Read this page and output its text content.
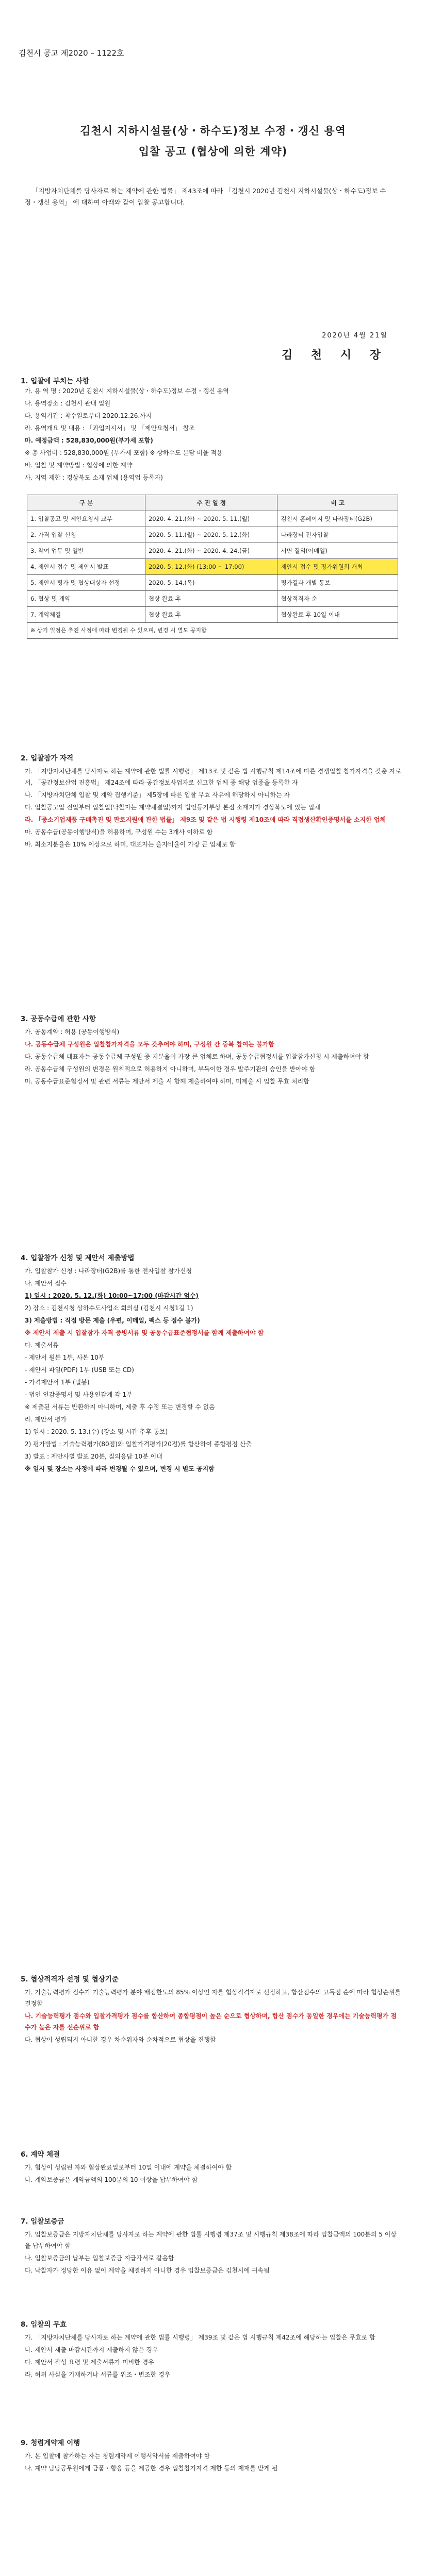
김천시 공고 제2020 – 1122호
김천시 지하시설물(상・하수도)정보 수정・갱신 용역
입찰 공고 (협상에 의한 계약)
「지방자치단체를 당사자로 하는 계약에 관한 법률」 제43조에 따라 「김천시 2020년 김천시 지하시설물(상・하수도)정보 수정・갱신 용역」 에 대하여 아래와 같이 입찰 공고합니다.
2020년 4월 21일
김 천 시 장
1. 입찰에 부치는 사항

가. 용 역 명 : 2020년 김천시 지하시설물(상・하수도)정보 수정・갱신 용역

나. 용역장소 : 김천시 관내 일원

다. 용역기간 : 착수일로부터 2020.12.26.까지

라. 용역개요 및 내용 : 「과업지시서」 및 「제안요청서」 참조

마. 예정금액 : 528,830,000원(부가세 포함)

※ 총 사업비 : 528,830,000원 (부가세 포함) ※ 상하수도 분담 비율 적용

바. 입찰 및 계약방법 : 협상에 의한 계약

사. 지역 제한 : 경상북도 소재 업체 (용역업 등록자)

구 분	추 진 일 정	비 고
1. 입찰공고 및 제안요청서 교부	2020. 4. 21.(화) ~ 2020. 5. 11.(월)	김천시 홈페이지 및 나라장터(G2B)
2. 가격 입찰 신청	2020. 5. 11.(월) ~ 2020. 5. 12.(화)	나라장터 전자입찰
3. 참여 업무 및 일반	2020. 4. 21.(화) ~ 2020. 4. 24.(금)	서면 질의(이메일)
4. 제안서 접수 및 제안서 발표	2020. 5. 12.(화) (13:00 ~ 17:00)	제안서 접수 및 평가위원회 개최
5. 제안서 평가 및 협상대상자 선정	2020. 5. 14.(목)	평가결과 개별 통보
6. 협상 및 계약	협상 완료 후	협상적격자 순
7. 계약체결	협상 완료 후	협상완료 후 10일 이내
※ 상기 일정은 추진 사정에 따라 변경될 수 있으며, 변경 시 별도 공지함		
2. 입찰참가 자격

가. 「지방자치단체를 당사자로 하는 계약에 관한 법률 시행령」 제13조 및 같은 법 시행규칙 제14조에 따른 경쟁입찰 참가자격을 갖춘 자로서, 「공간정보산업 진흥법」 제24조에 따라 공간정보사업자로 신고한 업체 중 해당 업종을 등록한 자

나. 「지방자치단체 입찰 및 계약 집행기준」 제5장에 따른 입찰 무효 사유에 해당하지 아니하는 자

다. 입찰공고일 전일부터 입찰일(낙찰자는 계약체결일)까지 법인등기부상 본점 소재지가 경상북도에 있는 업체

라. 「중소기업제품 구매촉진 및 판로지원에 관한 법률」 제9조 및 같은 법 시행령 제10조에 따라 직접생산확인증명서를 소지한 업체

마. 공동수급(공동이행방식)을 허용하며, 구성원 수는 3개사 이하로 함

바. 최소지분율은 10% 이상으로 하며, 대표자는 출자비율이 가장 큰 업체로 함

3. 공동수급에 관한 사항

가. 공동계약 : 허용 (공동이행방식)

나. 공동수급체 구성원은 입찰참가자격을 모두 갖추어야 하며, 구성원 간 중복 참여는 불가함

다. 공동수급체 대표자는 공동수급체 구성원 중 지분율이 가장 큰 업체로 하며, 공동수급협정서를 입찰참가신청 시 제출하여야 함

라. 공동수급체 구성원의 변경은 원칙적으로 허용하지 아니하며, 부득이한 경우 발주기관의 승인을 받아야 함

마. 공동수급표준협정서 및 관련 서류는 제안서 제출 시 함께 제출하여야 하며, 미제출 시 입찰 무효 처리함

4. 입찰참가 신청 및 제안서 제출방법

가. 입찰참가 신청 : 나라장터(G2B)를 통한 전자입찰 참가신청

나. 제안서 접수

1) 일시 : 2020. 5. 12.(화) 10:00~17:00 (마감시간 엄수)

2) 장소 : 김천시청 상하수도사업소 회의실 (김천시 시청1길 1)

3) 제출방법 : 직접 방문 제출 (우편, 이메일, 팩스 등 접수 불가)

※ 제안서 제출 시 입찰참가 자격 증빙서류 및 공동수급표준협정서를 함께 제출하여야 함

다. 제출서류

- 제안서 원본 1부, 사본 10부

- 제안서 파일(PDF) 1부 (USB 또는 CD)

- 가격제안서 1부 (밀봉)

- 법인 인감증명서 및 사용인감계 각 1부

※ 제출된 서류는 반환하지 아니하며, 제출 후 수정 또는 변경할 수 없음

라. 제안서 평가

1) 일시 : 2020. 5. 13.(수) (장소 및 시간 추후 통보)

2) 평가방법 : 기술능력평가(80점)와 입찰가격평가(20점)를 합산하여 종합평점 산출

3) 발표 : 제안사별 발표 20분, 질의응답 10분 이내

※ 일시 및 장소는 사정에 따라 변경될 수 있으며, 변경 시 별도 공지함

5. 협상적격자 선정 및 협상기준

가. 기술능력평가 점수가 기술능력평가 분야 배점한도의 85% 이상인 자를 협상적격자로 선정하고, 합산점수의 고득점 순에 따라 협상순위를 결정함

나. 기술능력평가 점수와 입찰가격평가 점수를 합산하여 종합평점이 높은 순으로 협상하며, 합산 점수가 동일한 경우에는 기술능력평가 점수가 높은 자를 선순위로 함

다. 협상이 성립되지 아니한 경우 차순위자와 순차적으로 협상을 진행함

6. 계약 체결

가. 협상이 성립된 자와 협상완료일로부터 10일 이내에 계약을 체결하여야 함

나. 계약보증금은 계약금액의 100분의 10 이상을 납부하여야 함

7. 입찰보증금

가. 입찰보증금은 지방자치단체를 당사자로 하는 계약에 관한 법률 시행령 제37조 및 시행규칙 제38조에 따라 입찰금액의 100분의 5 이상을 납부하여야 함

나. 입찰보증금의 납부는 입찰보증금 지급각서로 갈음함

다. 낙찰자가 정당한 이유 없이 계약을 체결하지 아니한 경우 입찰보증금은 김천시에 귀속됨

8. 입찰의 무효

가. 「지방자치단체를 당사자로 하는 계약에 관한 법률 시행령」 제39조 및 같은 법 시행규칙 제42조에 해당하는 입찰은 무효로 함

나. 제안서 제출 마감시간까지 제출하지 않은 경우

다. 제안서 작성 요령 및 제출서류가 미비한 경우

라. 허위 사실을 기재하거나 서류를 위조・변조한 경우

9. 청렴계약제 이행

가. 본 입찰에 참가하는 자는 청렴계약제 이행서약서를 제출하여야 함

나. 계약 담당공무원에게 금품・향응 등을 제공한 경우 입찰참가자격 제한 등의 제재를 받게 됨
